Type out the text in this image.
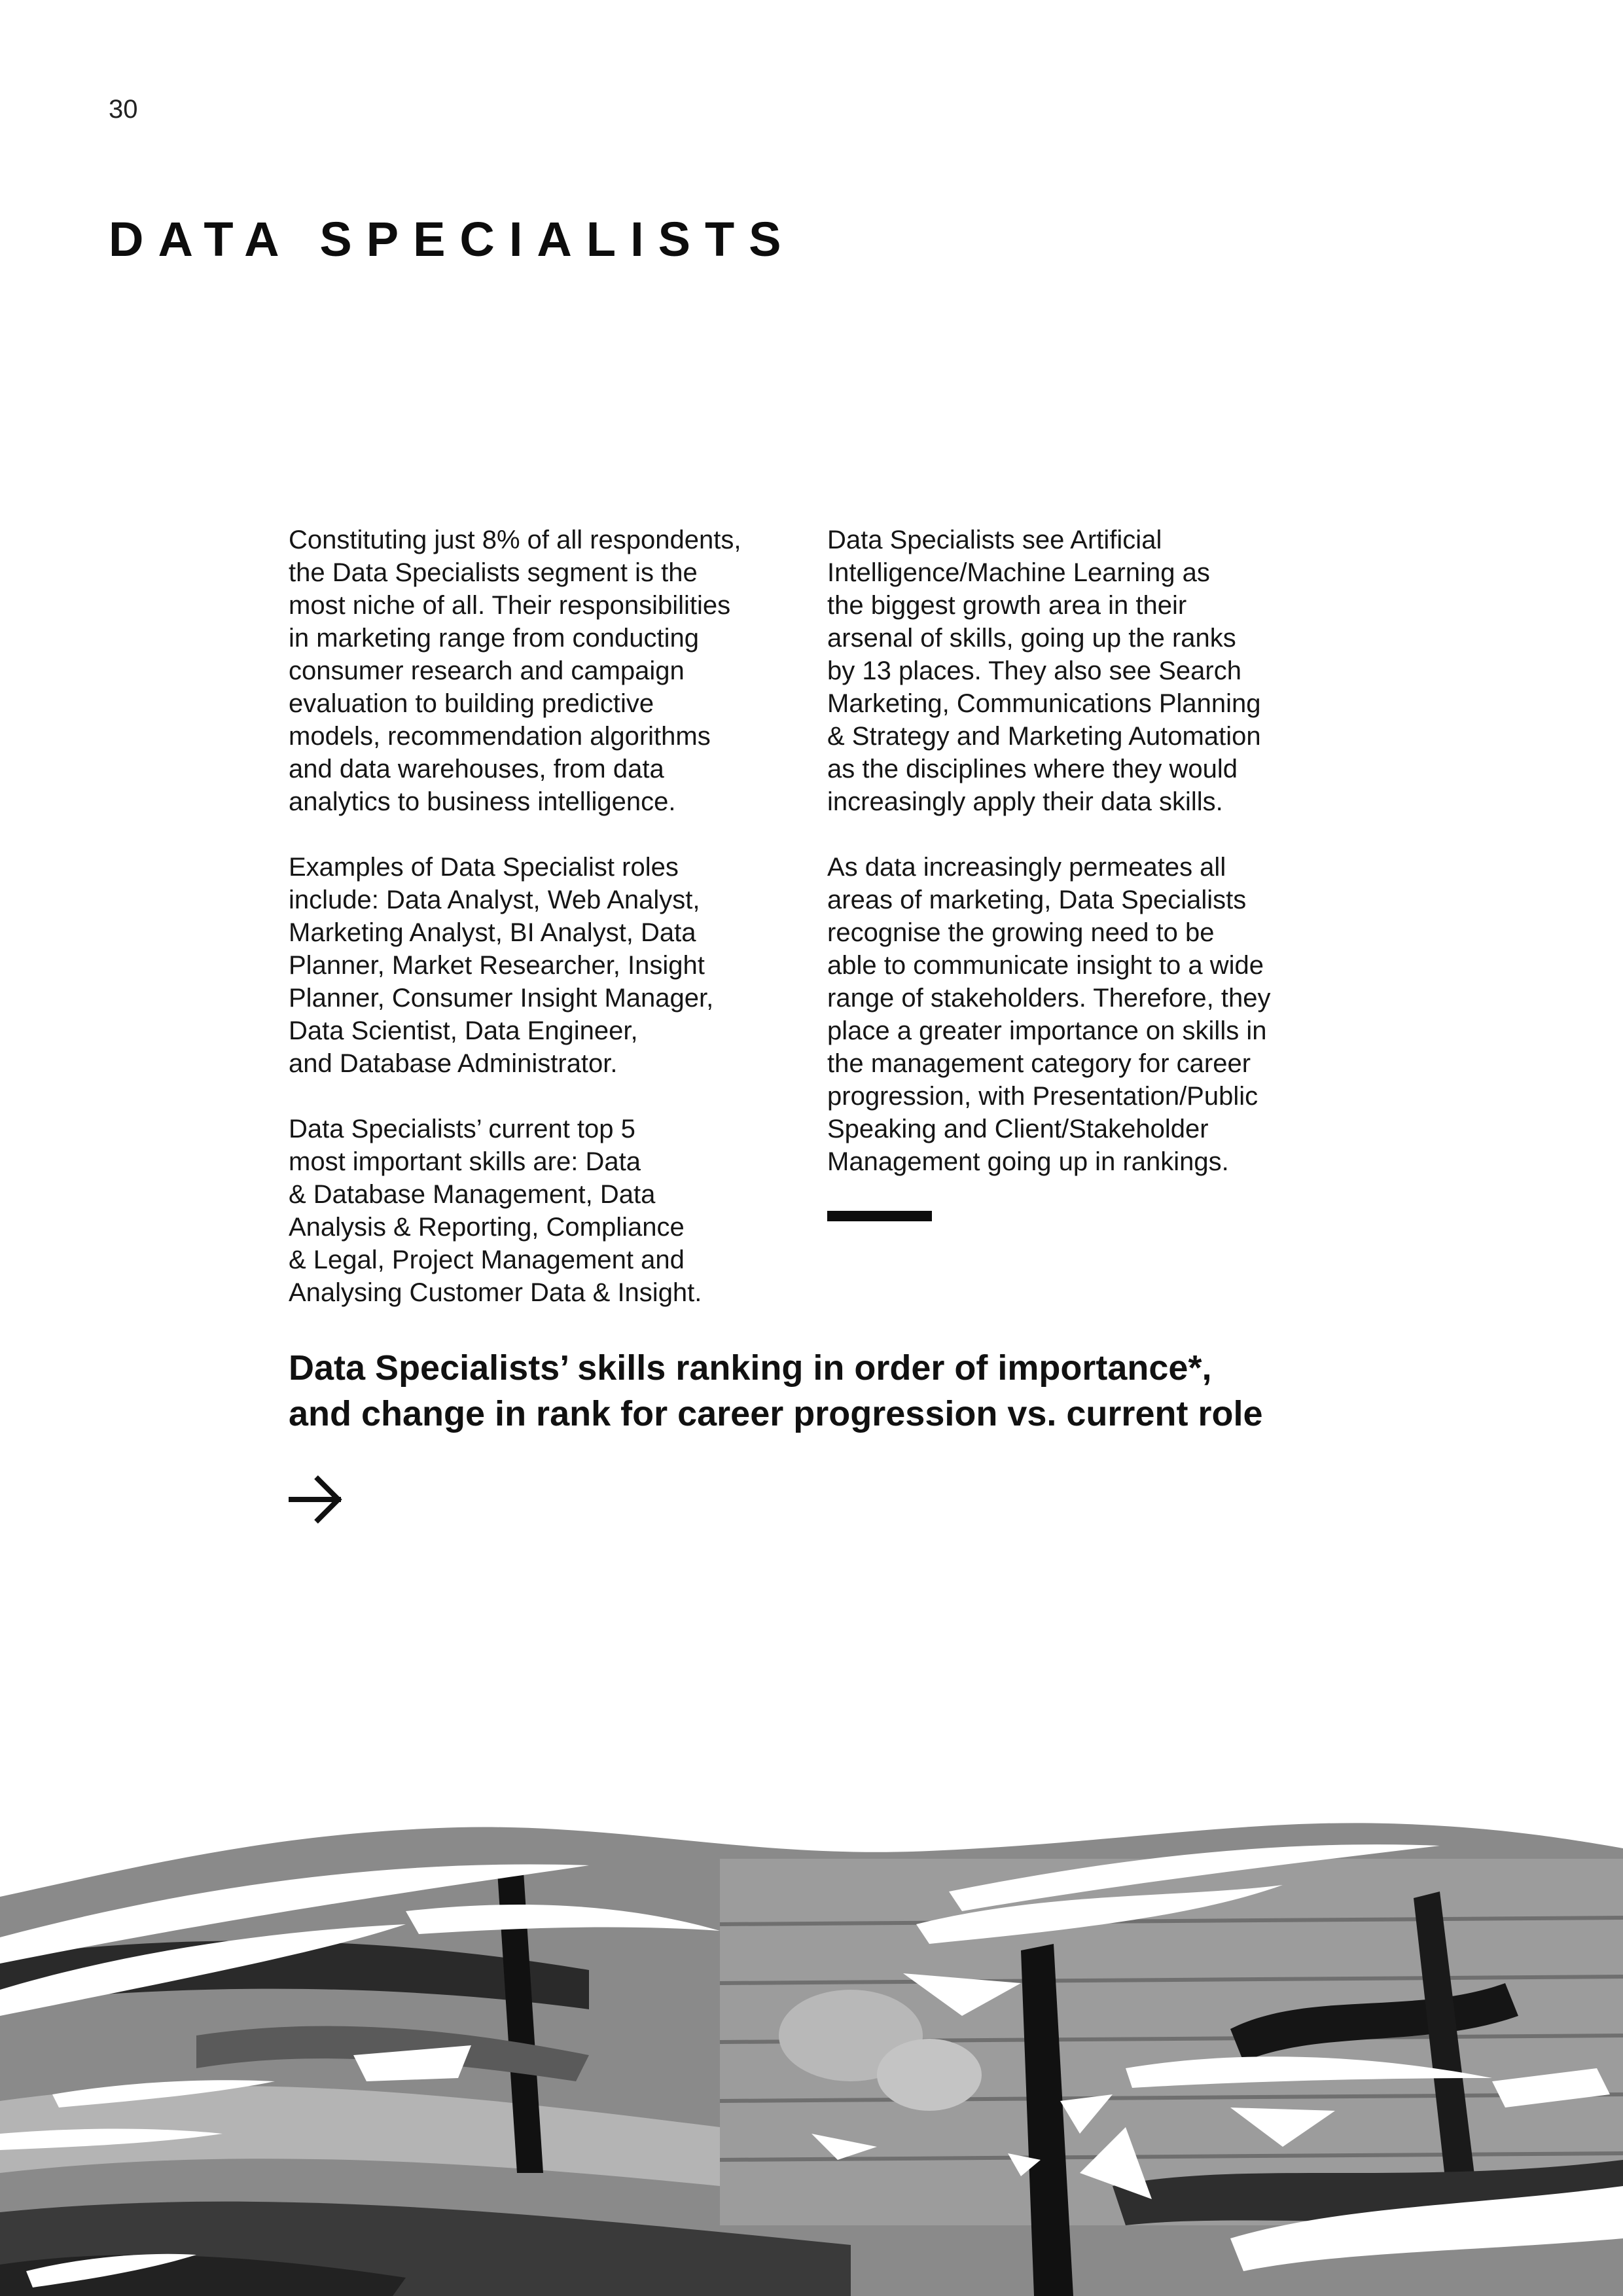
30
DATA SPECIALISTS

Constituting just 8% of all respondents,
the Data Specialists segment is the
most niche of all. Their responsibilities
in marketing range from conducting
consumer research and campaign
evaluation to building predictive
models, recommendation algorithms
and data warehouses, from data
analytics to business intelligence.

Examples of Data Specialist roles
include: Data Analyst, Web Analyst,
Marketing Analyst, BI Analyst, Data
Planner, Market Researcher, Insight
Planner, Consumer Insight Manager,
Data Scientist, Data Engineer,
and Database Administrator.

Data Specialists’ current top 5
most important skills are: Data
& Database Management, Data
Analysis & Reporting, Compliance
& Legal, Project Management and
Analysing Customer Data & Insight.

Data Specialists see Artificial
Intelligence/Machine Learning as
the biggest growth area in their
arsenal of skills, going up the ranks
by 13 places. They also see Search
Marketing, Communications Planning
& Strategy and Marketing Automation
as the disciplines where they would
increasingly apply their data skills.

As data increasingly permeates all
areas of marketing, Data Specialists
recognise the growing need to be
able to communicate insight to a wide
range of stakeholders. Therefore, they
place a greater importance on skills in
the management category for career
progression, with Presentation/Public
Speaking and Client/Stakeholder
Management going up in rankings.

Data Specialists’ skills ranking in order of importance*,
and change in rank for career progression vs. current role
